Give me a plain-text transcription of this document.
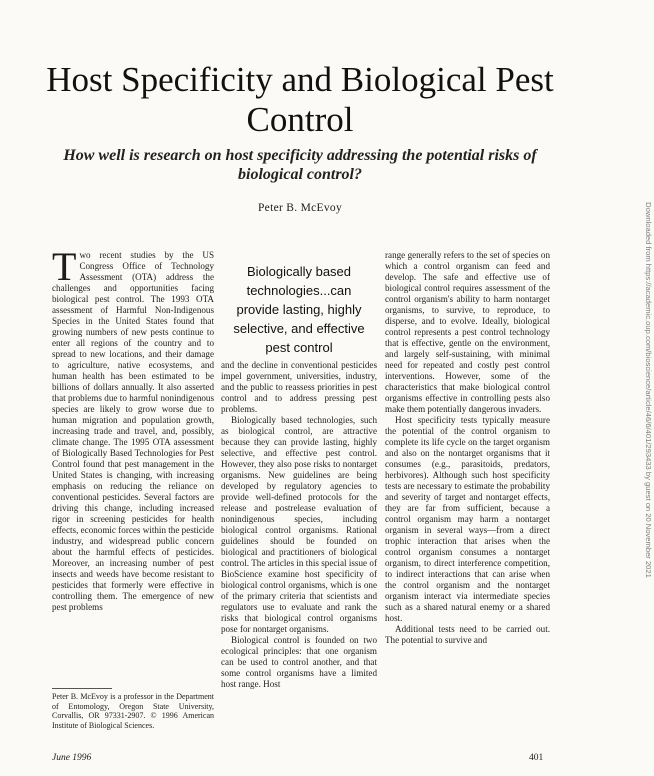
Host Specificity and Biological Pest Control
How well is research on host specificity addressing the potential risks of biological control?
Peter B. McEvoy

Two recent studies by the US Congress Office of Technology Assessment (OTA) address the challenges and opportunities facing biological pest control. The 1993 OTA assessment of Harmful Non-Indigenous Species in the United States found that growing numbers of new pests continue to enter all regions of the country and to spread to new locations, and their damage to agriculture, native ecosystems, and human health has been estimated to be billions of dollars annually. It also asserted that problems due to harmful nonindigenous species are likely to grow worse due to human migration and population growth, increasing trade and travel, and, possibly, climate change. The 1995 OTA assessment of Biologically Based Technologies for Pest Control found that pest management in the United States is changing, with increasing emphasis on reducing the reliance on conventional pesticides. Several factors are driving this change, including increased rigor in screening pesticides for health effects, economic forces within the pesticide industry, and widespread public concern about the harmful effects of pesticides. Moreover, an increasing number of pest insects and weeds have become resistant to pesticides that formerly were effective in controlling them. The emergence of new pest problems

Biologically based technologies...can provide lasting, highly selective, and effective pest control

and the decline in conventional pesticides impel government, universities, industry, and the public to reassess priorities in pest control and to address pressing pest problems.

Biologically based technologies, such as biological control, are attractive because they can provide lasting, highly selective, and effective pest control. However, they also pose risks to nontarget organisms. New guidelines are being developed by regulatory agencies to provide well-defined protocols for the release and postrelease evaluation of nonindigenous species, including biological control organisms. Rational guidelines should be founded on biological and practitioners of biological control. The articles in this special issue of BioScience examine host specificity of biological control organisms, which is one of the primary criteria that scientists and regulators use to evaluate and rank the risks that biological control organisms pose for nontarget organisms.

Biological control is founded on two ecological principles: that one organism can be used to control another, and that some control organisms have a limited host range. Host

range generally refers to the set of species on which a control organism can feed and develop. The safe and effective use of biological control requires assessment of the control organism's ability to harm nontarget organisms, to survive, to reproduce, to disperse, and to evolve. Ideally, biological control represents a pest control technology that is effective, gentle on the environment, and largely self-sustaining, with minimal need for repeated and costly pest control interventions. However, some of the characteristics that make biological control organisms effective in controlling pests also make them potentially dangerous invaders.

Host specificity tests typically measure the potential of the control organism to complete its life cycle on the target organism and also on the nontarget organisms that it consumes (e.g., parasitoids, predators, herbivores). Although such host specificity tests are necessary to estimate the probability and severity of target and nontarget effects, they are far from sufficient, because a control organism may harm a nontarget organism in several ways—from a direct trophic interaction that arises when the control organism consumes a nontarget organism, to direct interference competition, to indirect interactions that can arise when the control organism and the nontarget organism interact via intermediate species such as a shared natural enemy or a shared host.

Additional tests need to be carried out. The potential to survive and

Peter B. McEvoy is a professor in the Department of Entomology, Oregon State University, Corvallis, OR 97331-2907. © 1996 American Institute of Biological Sciences.
June 1996	401
Downloaded from https://academic.oup.com/bioscience/article/46/6/401/293433 by guest on 20 November 2021
